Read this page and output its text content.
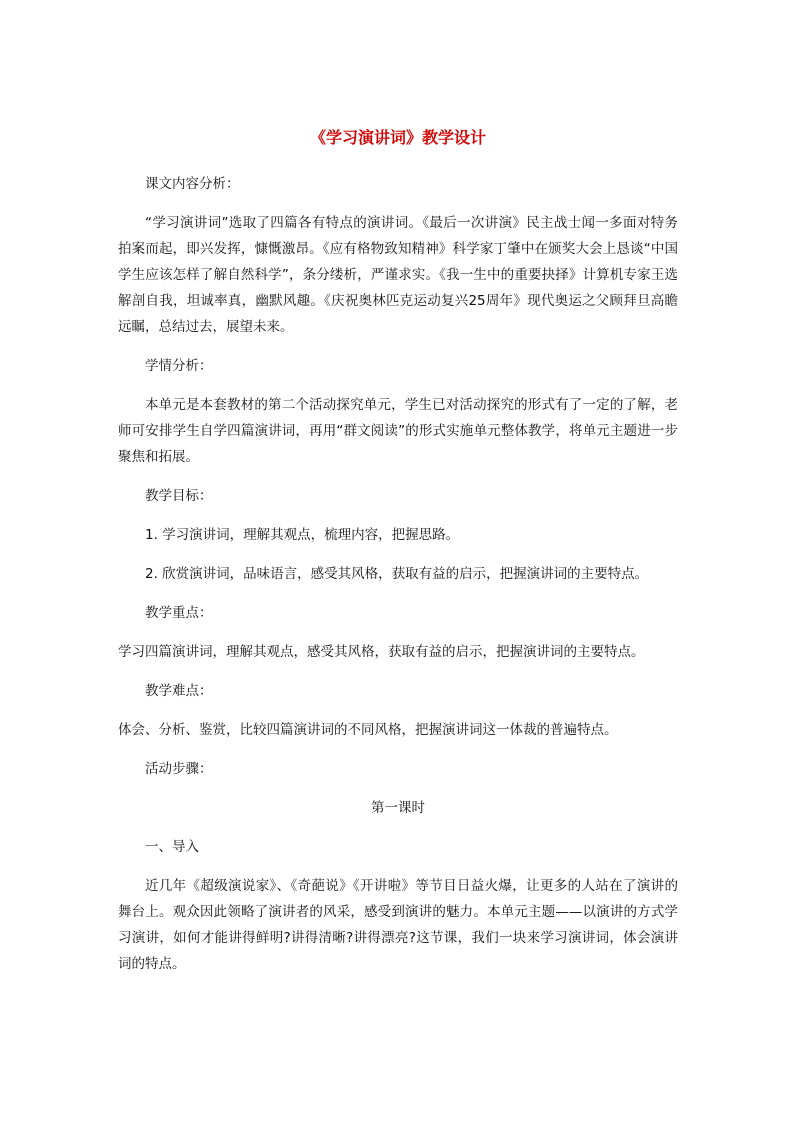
《学习演讲词》教学设计

课文内容分析：

“学习演讲词”选取了四篇各有特点的演讲词。《最后一次讲演》民主战士闻一多面对特务拍案而起，即兴发挥，慷慨激昂。《应有格物致知精神》科学家丁肇中在颁奖大会上恳谈“中国学生应该怎样了解自然科学”，条分缕析，严谨求实。《我一生中的重要抉择》计算机专家王选解剖自我，坦诚率真，幽默风趣。《庆祝奥林匹克运动复兴25周年》现代奥运之父顾拜旦高瞻远瞩，总结过去，展望未来。

学情分析：

本单元是本套教材的第二个活动探究单元，学生已对活动探究的形式有了一定的了解，老师可安排学生自学四篇演讲词，再用“群文阅读”的形式实施单元整体教学，将单元主题进一步聚焦和拓展。

教学目标：

1. 学习演讲词，理解其观点，梳理内容，把握思路。

2. 欣赏演讲词，品味语言，感受其风格，获取有益的启示，把握演讲词的主要特点。

教学重点：

学习四篇演讲词，理解其观点，感受其风格，获取有益的启示，把握演讲词的主要特点。

教学难点：

体会、分析、鉴赏，比较四篇演讲词的不同风格，把握演讲词这一体裁的普遍特点。

活动步骤：

第一课时

一、导入

近几年《超级演说家》、《奇葩说》《开讲啦》等节目日益火爆，让更多的人站在了演讲的舞台上。观众因此领略了演讲者的风采，感受到演讲的魅力。本单元主题——以演讲的方式学习演讲，如何才能讲得鲜明?讲得清晰?讲得漂亮?这节课，我们一块来学习演讲词，体会演讲词的特点。
